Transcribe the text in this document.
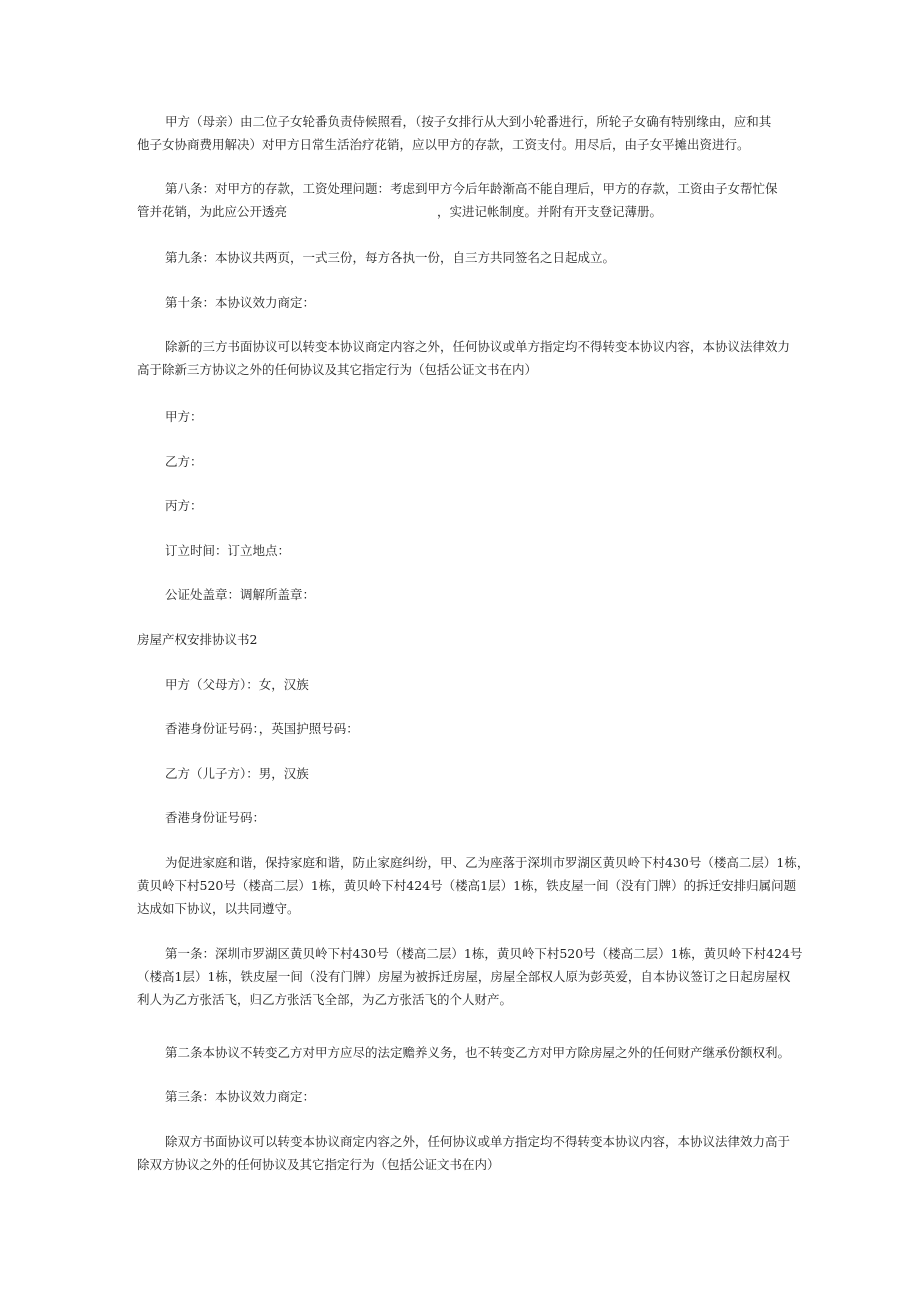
甲方（母亲）由二位子女轮番负责侍候照看，（按子女排行从大到小轮番进行，所轮子女确有特别缘由，应和其
他子女协商费用解决）对甲方日常生活治疗花销，应以甲方的存款，工资支付。用尽后，由子女平摊出资进行。
第八条：对甲方的存款，工资处理问题：考虑到甲方今后年龄渐高不能自理后，甲方的存款，工资由子女帮忙保
管并花销，为此应公开透亮	，实进记帐制度。并附有开支登记薄册。
第九条：本协议共两页，一式三份，每方各执一份，自三方共同签名之日起成立。
第十条：本协议效力商定：
除新的三方书面协议可以转变本协议商定内容之外，任何协议或单方指定均不得转变本协议内容，本协议法律效力
高于除新三方协议之外的任何协议及其它指定行为（包括公证文书在内）
甲方：
乙方：
丙方：
订立时间：订立地点：
公证处盖章：调解所盖章：
房屋产权安排协议书2
甲方（父母方）：女，汉族
香港身份证号码：，英国护照号码：
乙方（儿子方）：男，汉族
香港身份证号码：
为促进家庭和谐，保持家庭和谐，防止家庭纠纷，甲、乙为座落于深圳市罗湖区黄贝岭下村430号（楼高二层）1栋，
黄贝岭下村520号（楼高二层）1栋，黄贝岭下村424号（楼高1层）1栋，铁皮屋一间（没有门牌）的拆迁安排归属问题
达成如下协议，以共同遵守。
第一条：深圳市罗湖区黄贝岭下村430号（楼高二层）1栋，黄贝岭下村520号（楼高二层）1栋，黄贝岭下村424号
（楼高1层）1栋，铁皮屋一间（没有门牌）房屋为被拆迁房屋，房屋全部权人原为彭英爱，自本协议签订之日起房屋权
利人为乙方张活飞，归乙方张活飞全部，为乙方张活飞的个人财产。
第二条本协议不转变乙方对甲方应尽的法定赡养义务，也不转变乙方对甲方除房屋之外的任何财产继承份额权利。
第三条：本协议效力商定：
除双方书面协议可以转变本协议商定内容之外，任何协议或单方指定均不得转变本协议内容，本协议法律效力高于
除双方协议之外的任何协议及其它指定行为（包括公证文书在内）
